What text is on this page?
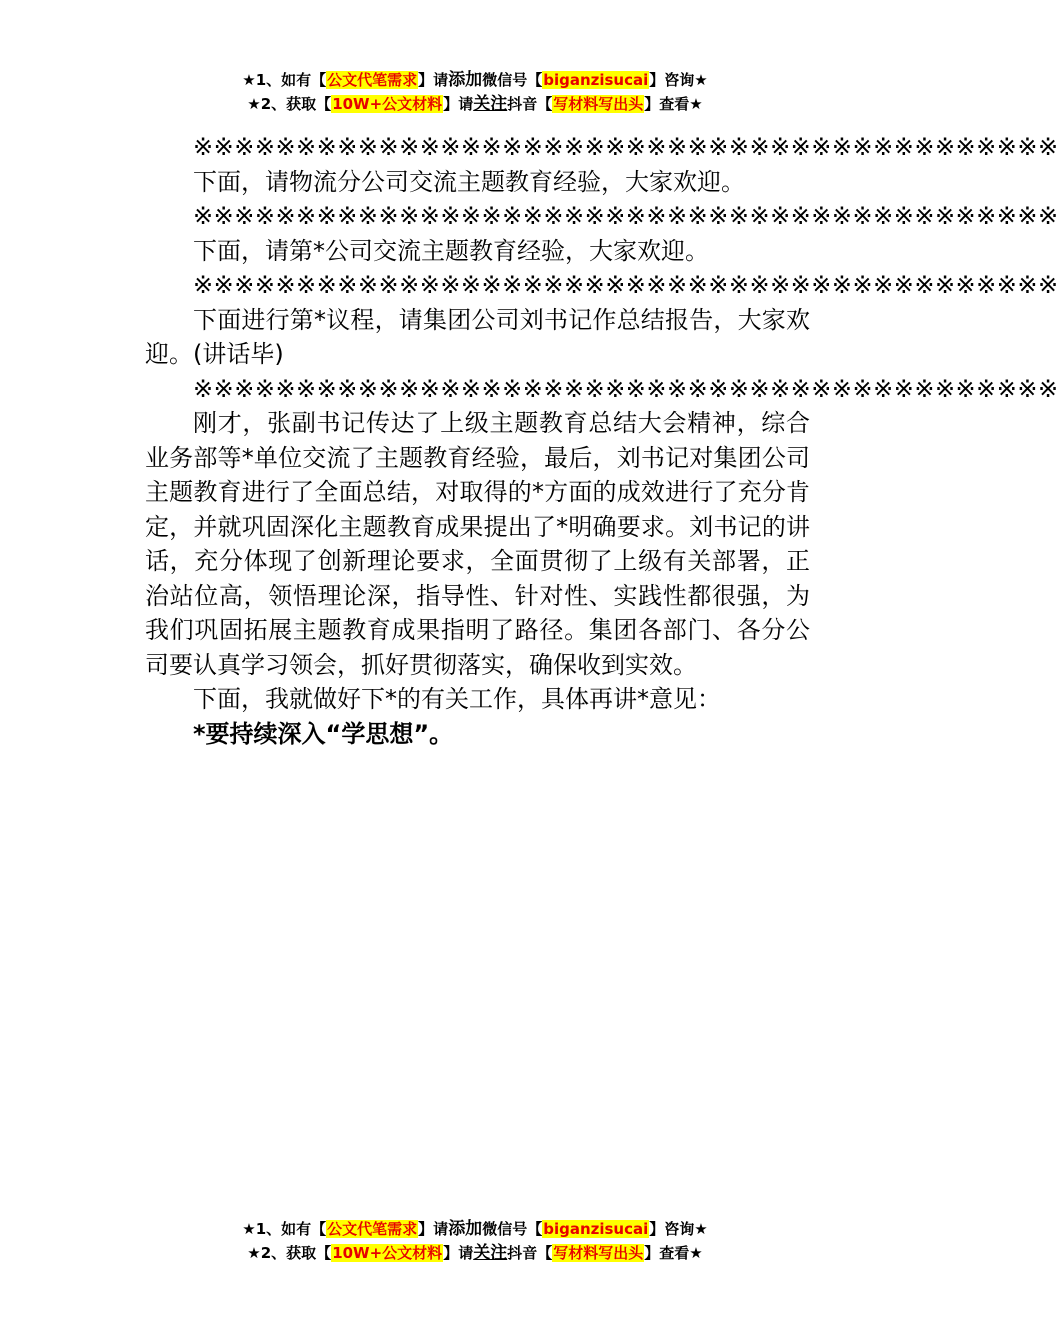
★1、如有【公文代笔需求】请添加微信号【biganzisucai】咨询★
★2、获取【10W+公文材料】请关注抖音【写材料写出头】查看★

※※※※※※※※※※※※※※※※※※※※※※※※※※※※※※※※※※※※※※※※※※

下面，请物流分公司交流主题教育经验，大家欢迎。

※※※※※※※※※※※※※※※※※※※※※※※※※※※※※※※※※※※※※※※※※※

下面，请第*公司交流主题教育经验，大家欢迎。

※※※※※※※※※※※※※※※※※※※※※※※※※※※※※※※※※※※※※※※※※※

下面进行第*议程，请集团公司刘书记作总结报告，大家欢迎。(讲话毕)

※※※※※※※※※※※※※※※※※※※※※※※※※※※※※※※※※※※※※※※※※※

刚才，张副书记传达了上级主题教育总结大会精神，综合业务部等*单位交流了主题教育经验，最后，刘书记对集团公司主题教育进行了全面总结，对取得的*方面的成效进行了充分肯定，并就巩固深化主题教育成果提出了*明确要求。刘书记的讲话，充分体现了创新理论要求，全面贯彻了上级有关部署，正治站位高，领悟理论深，指导性、针对性、实践性都很强，为我们巩固拓展主题教育成果指明了路径。集团各部门、各分公司要认真学习领会，抓好贯彻落实，确保收到实效。

下面，我就做好下*的有关工作，具体再讲*意见：

*要持续深入“学思想”。

★1、如有【公文代笔需求】请添加微信号【biganzisucai】咨询★
★2、获取【10W+公文材料】请关注抖音【写材料写出头】查看★
